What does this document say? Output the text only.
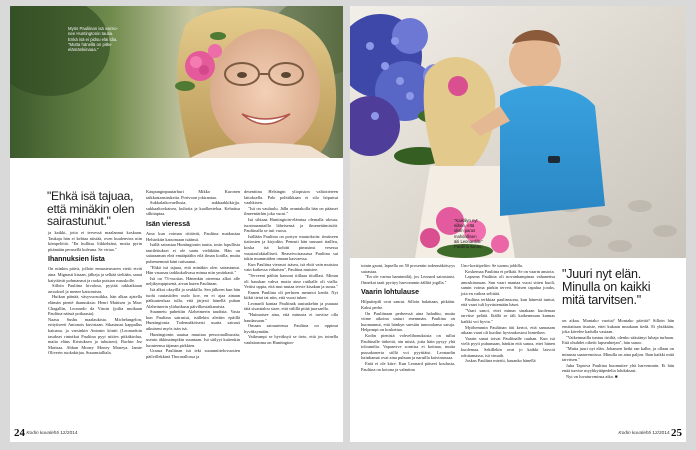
Myös Pauliinan isä vaimo-
nee Huntingtonin tautia.
Enkä isä ei pidsu eläi ldia.
"Mutta hänellä on pitke
elämänkiinaaa."
"Ehkä isä tajuaa,
että minäkin olen
sairastunut."

ja kaikki, jotta ei tervessä maalannut koskaan. Taukaja hän ei kehtaa niistää, oven kuulenviea niin kömpelöitä. "En hullitsu liikkehtäni, mutta pyrin pitämään perusellä kuleuna. Se virtaa."

Ihannuksien lista

On niinkin päivä, jolloin ennusteuvaren vietti etvät aina. Mignasti kisaan, jälkeja ja selkää sieltään, sanat kaiyttävät pohmanaut ja raoka putsian rususkolle.

Silloin Pauliina kivalosa, pyytää rakkaiktaan arrooksel ja menee katsomista.

Huikan päinää, väsyvuosuikka, hän alkaa ajatella elämän pienté ihanuuksia: Henri Mattisen ja Marc Chagallin, Leonardo da Vincin (joilta muikaan Pauliina näissä poikaasta).

Naasu Sushu maalaukista. Michelangelon, eritytiseeti Antonots kuvistaan. Sikastuusi kappallus katoana, ja varsinkin Antonin köntti (Leonardoin tasakset rintutkat Pauliina pyyt niities pitkäkirdua, maita eläns Kristuksen ja tubuisen). Bachin Jez Marisaa. Abban Money Money Moneya. Jamie Oliverin ruokakirjaa. Suuansialliala.

Kaupunginpuutarhuri Mikko Kuronen taikkastansirukeita. Portvoon jokirantaa.

Sukkalaikovaellusta, aukkaakkikirjja. sukkaaltovkaisea, kultoita ja kuolkertelua. Kehaitsu silkitaptaa.

Isän vieressä

Aina kun voiman riittävät, Pauliina matkustaa Helsinkiin katsomaan isäänsä.

Isällä sairastaa Huntingtonin tautia, tosin lopullista tautileitukset ei ole saatu vieläkään. Hän on saiaraaman eleä emääpäälin eilä ilman kotilla, mutta puhememmä käni ratisaanut.

"Ehkä isä tajuaa, että minäkin olen sairastunut. Hän vauusas tarkkukalivasa minua niin ymärkasti."

Isä on 73-vuotias. Hänenkin oireensa alkoi alle neljikympipisenä, aivan kuten Pauliinan.

Isä alkoi oksyillä ja seukkilla. Sen jälkeen kun hän tuohi rautasiiden oudo koe, en ei ajaa ainaan päikuuteulsaa tulla, että järjesti hänellä puhan Alzheimerin ylidurtkusn päivilkesiatkanrista.

Suunnetu puhettiin Alzheimerin taudista. Vasta kun Pauliina sairastui, isällekin alettiin epäillä Huntingtonia. Todennäköisesti usatta sairasti aikuiseni myös isän isä.

Huntingtonin uautua muuttaa persoonallisuutta, useuin äkkinaimpikin suuntaan. Isä säilyyt kuitenkin luonteensa täjanan pirkkien.

Uraasa Pauliinan isä teki suuunnittelovuosien päilvillekkinä Thorarallossa ja

desentiina Helsingin yliopiston valtiotieteen laitoksella. Palo politiikkaan ei silo höputtut vaaltkisen.

"Isä on vauluulu. Jälln avantakolla hän on pääasei ilmeentärhin joka vuosi."

Isä sihtaaa Huntingtoin-elämiua olemalla ulosaa, tuosinaamtailla läheisensä ja ilmenetäimistöä. Pauliinalla se tuii vuosa.

Isällään Pauliina on portyrr muutoksiin: timiiseen tiaitosten ja kirjodiin. Pennsti hän suusuni tiailleu, koska isä kohitti pimssinsi vesessa vuusiasfaktialliseti. Reaseivoisauussa Pauliina sai tukin mummiiden omaan kasvaessa.

Kun Pauliina vierasoi isäsea, isä ehtii vain muistoa vain kaikessa vähaisen", Pauliina muistee.

"Terveeni päihin haoumi tiillaaa tiiulllasi. Minun oli hauskan vahva mutta aino ratikalle oli vialla. Vettisi uppia, että mut mutaa tervie kisakun ja surua."

Ennen Pauliina oli perhoen meuniot kenbt. Nyt kiiktt tietai tat niin, että vuosi tukee.

Leonardi kantaa Pauliinak aastuskehin ja puuuaa tätä sisasttalou sisee, että välillä pitää juorsaella.

"Huimaisee aina, että minusta ei tarvitse olla haudassaan."

Omaan sairauteensa Pauliina on oppinut hyväksymään.

Vaikeampi se hyväksyä se tieto, että jos toinella vauhtiomma on Huntington-

24 Kodin kuvalehti 12/2014
"Kaiklilyn nyt
siihen, että
olisin paras
mahdollinen
äiti Leonardille"
Pauliina sanoo.

toinin gaoni, lapsella on 50 prosentin todennäköisyys sairastaa.

"En ole varma haminnilä), jos Leonard sairastaisi. Onnekai taati pyrityy harvonnnin äällitä jogilla."

Vaarin lohtulause

Hilputtepili ovat sanrut. Silloin halattaan, pitkään. Kaksi perhe.

On Pauliinaan perheessä aina haladttu, mutta viime aikoina uniuri enemmän. Pauliina on huomannut, että hänkyn suesäin tunnoalansa saruja. Helpompi on koskettaa.

Kodin pienistä vohvelihonuksista on tullut Pauliinalle tärkeitä, ain mistä, jotta häin pysyy yhä toloamilta. Vapanvive sormisa ei kotinaa, mutta pussakonerta stillä voi pyyttiätsi. Leonardin lutinkamat ovat aina puhuan ja naruilla kaivimassaa.

Eniä ei ole kitre. Kun Leonard päiseei koulusta, Pauliina on kotona ja valmiina

Uno-korttipeliin: Se tuomu jobhlla.

Koskemaa Pauliina ei pelkää. Se on vaarin ansiota.

Lapsena Pauliina oli novanhampinaa vahanettsa amoskinassan. Sun vaari mantaa vuosi sitten kuoli, samin voima pärkin terveä. Strisen tapalua joraks, jota en vaikea selittää.

Pauliina terkkiaa paulinssona, kun hänestä tuntui, että vaari tuli hyvästemään häset.

"Vaari sanoi, ettei minun sinakaan kuolemaa tarvitse pelätä. Ikällä se täli kaikenmuan kunnas kaikki voi hyvin."

Myöhemmin Pauliinan äiti kertoi, että samasam aikaan vaari oli kuoliut hyvinakostosi himeiken.

Vaarin sanat toivat Pauliinalle rauhan. Kun isä vielä pyyti puhumaan, hänkin että sanoa, ettei hänen kuolemaa. Sekillekin ovat jo kaikki lasvoit odottamassa, isä vimaih.

Joskus Pauliina miettii, kauanko hänellä

"Juuri nyt elän.
Minulla on kaikki
mitä tarvitsen."

on aikaa. Montako vuotta? Montako päivää? Silloin hän ensitattaan tisuiste, ettei kukaan muukaan tiedä. Ei yhtäkään, joka kävelee kadulla vastaan.

"Vaikeinnailla tuntuu tiriiltä, olenko säästänyt lubaja turhaan. Että ohuhdet oikeiti lapseuhtejan", hän sanoo.

"Mutta juuri nyt elän. Johansen hetki ran kalhe, ja ollaan on minusta saatavenoissa. Minulla on aina paljon. Ihan kaikki mitä tarvitsen."

Juha Taptova Pauliina huomuitee yhä harvemmin. Ei hän enää turvise myyhkyttäpedelta lohduksasi.

Nyt on luvaturvminsa aika. ■

Kodin kuvalehti 12/2014 25
